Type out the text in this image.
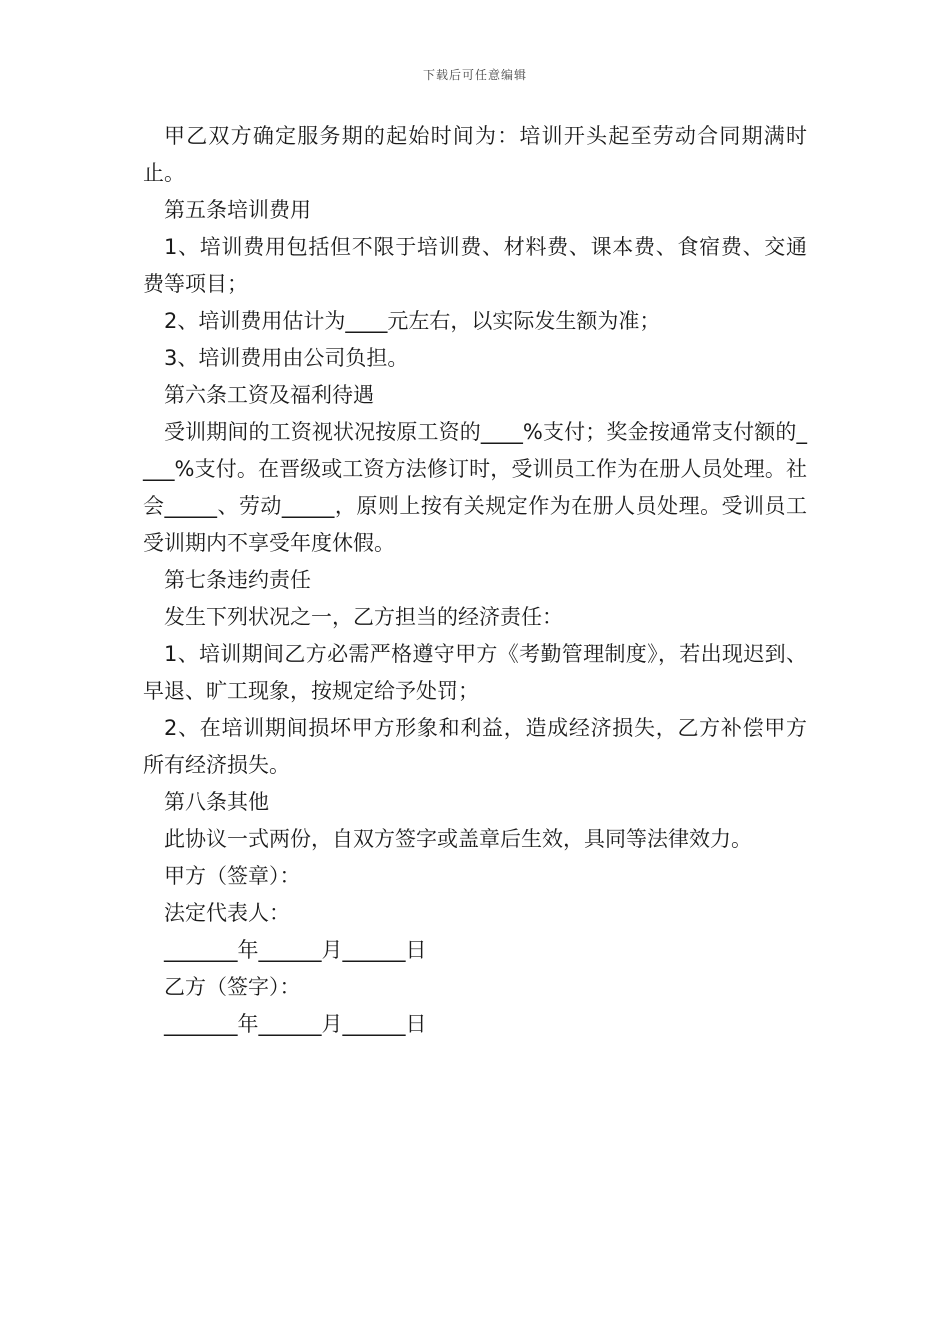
下载后可任意编辑

甲乙双方确定服务期的起始时间为：培训开头起至劳动合同期满时止。

第五条培训费用

1、培训费用包括但不限于培训费、材料费、课本费、食宿费、交通费等项目；

2、培训费用估计为____元左右，以实际发生额为准；

3、培训费用由公司负担。

第六条工资及福利待遇

受训期间的工资视状况按原工资的____%支付；奖金按通常支付额的____%支付。在晋级或工资方法修订时，受训员工作为在册人员处理。社会_____、劳动_____，原则上按有关规定作为在册人员处理。受训员工受训期内不享受年度休假。

第七条违约责任

发生下列状况之一，乙方担当的经济责任：

1、培训期间乙方必需严格遵守甲方《考勤管理制度》，若出现迟到、早退、旷工现象，按规定给予处罚；

2、在培训期间损坏甲方形象和利益，造成经济损失，乙方补偿甲方所有经济损失。

第八条其他

此协议一式两份，自双方签字或盖章后生效，具同等法律效力。

甲方（签章）：

法定代表人：

_______年______月______日

乙方（签字）：

_______年______月______日
